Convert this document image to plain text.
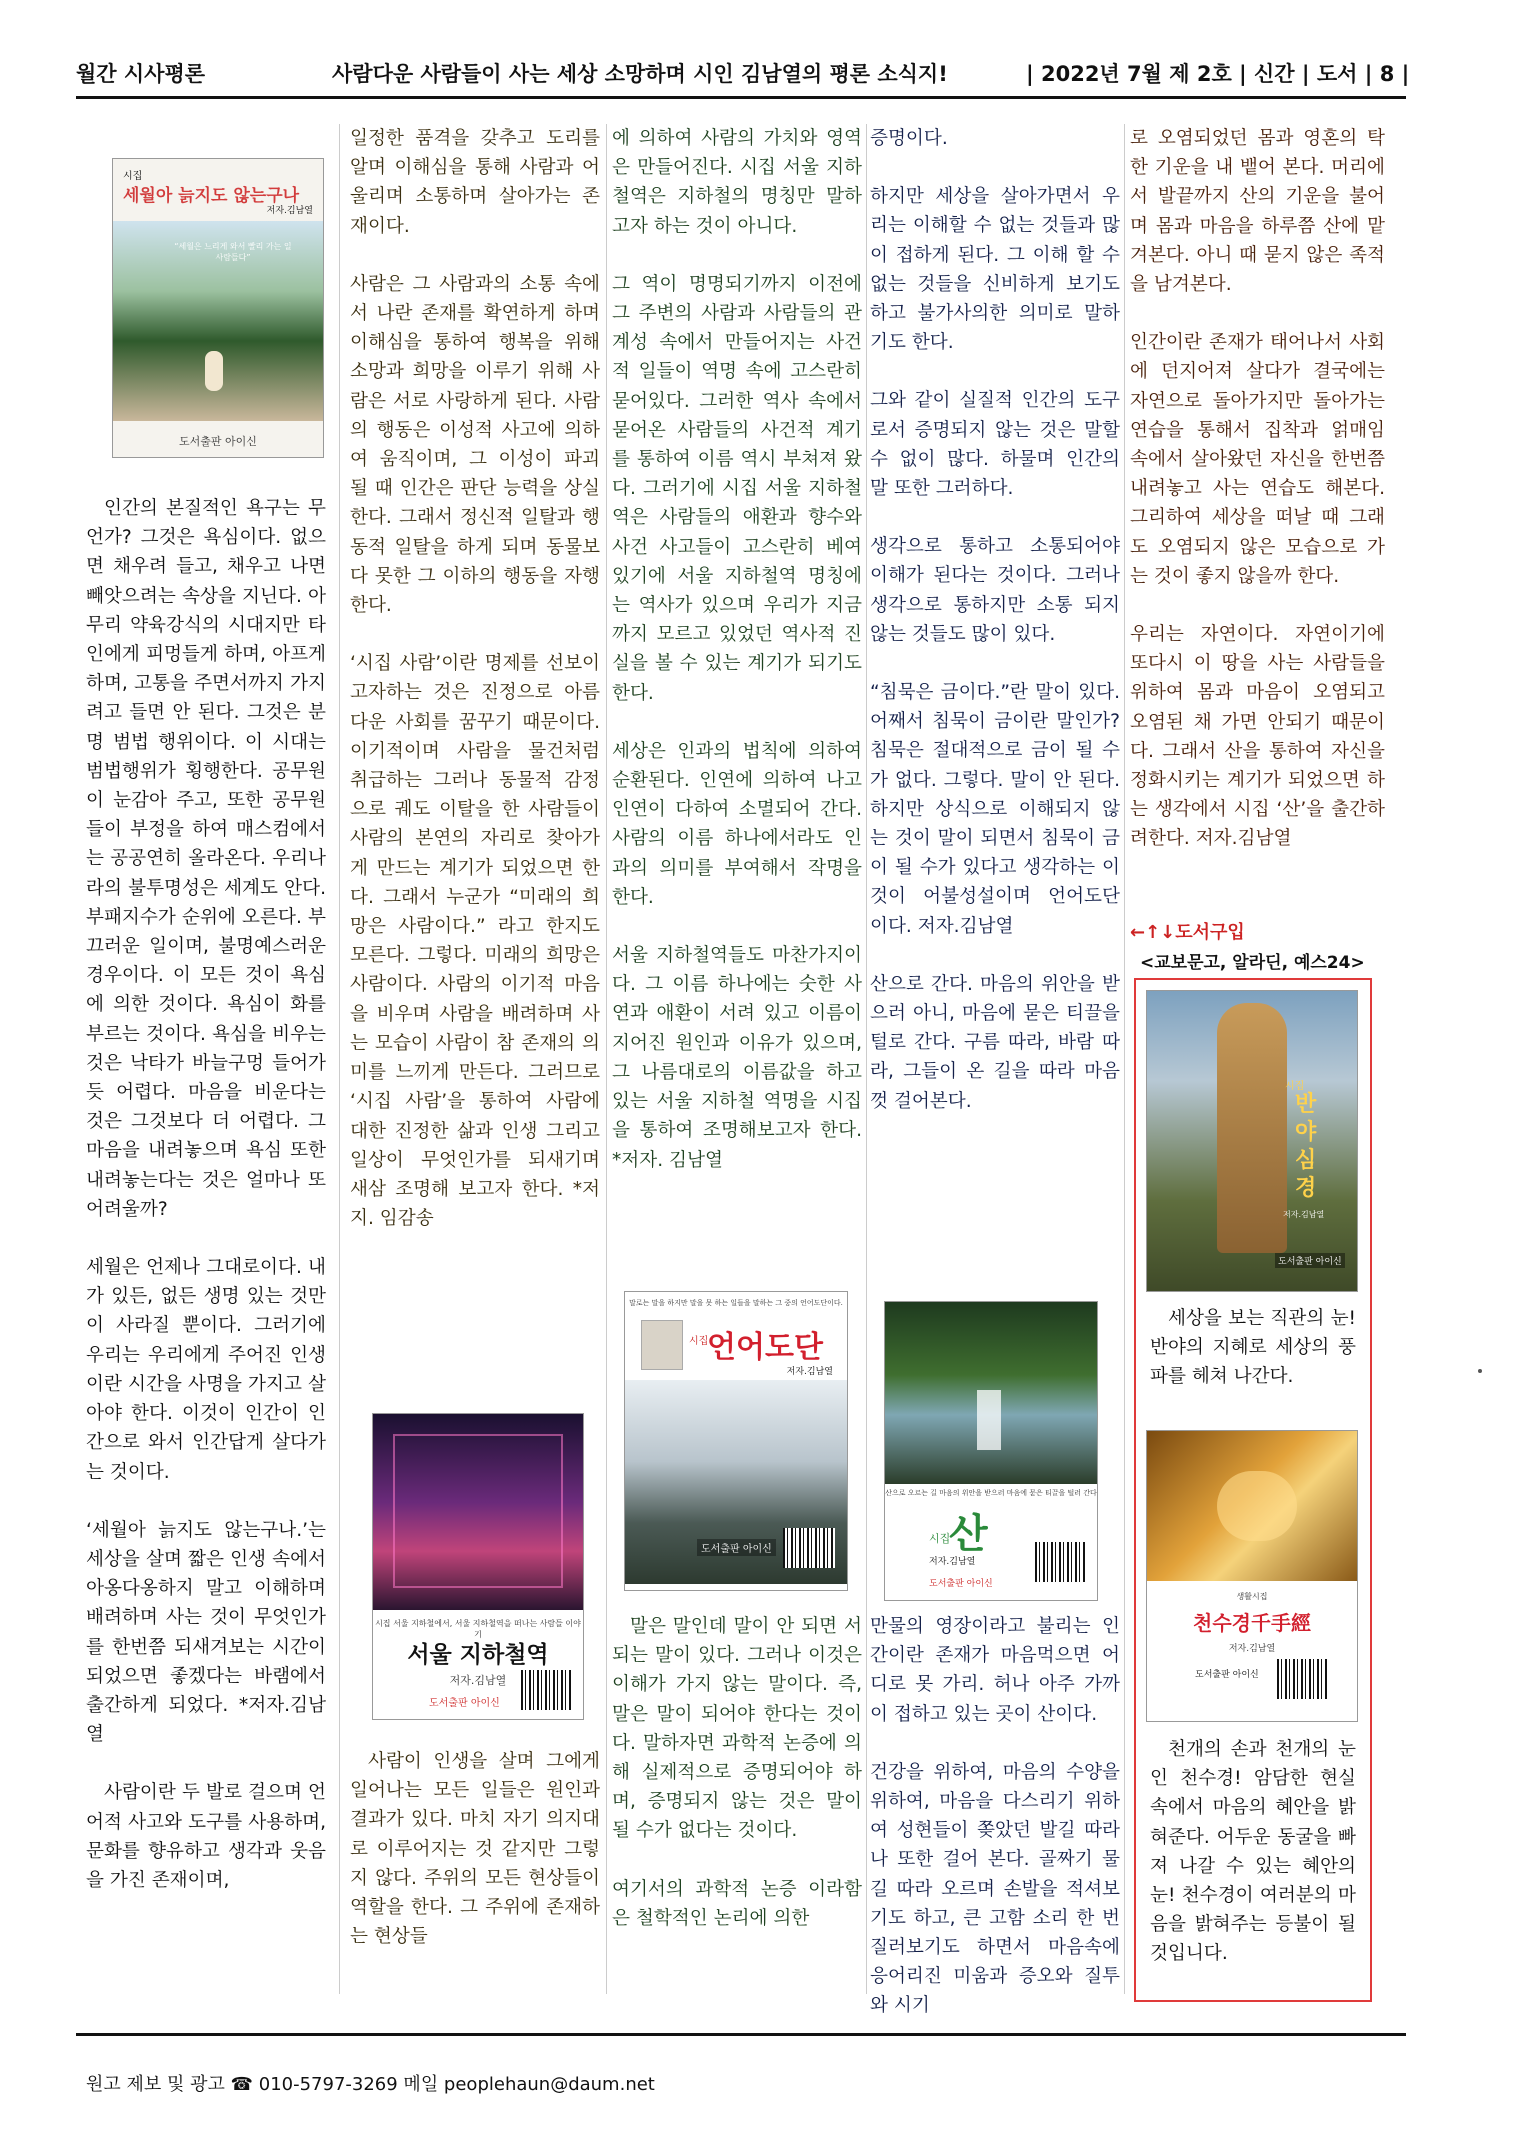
월간 시사평론	사람다운 사람들이 사는 세상 소망하며 시인 김남열의 평론 소식지!	| 2022년 7월 제 2호 | 신간 | 도서 | 8 |
시집
세월아 늙지도 않는구나
저자.김남열
“세월은 느리게 와서 빨리 가는 일 사람들다”
도서출판 아이신

인간의 본질적인 욕구는 무언가? 그것은 욕심이다. 없으면 채우려 들고, 채우고 나면 빼앗으려는 속상을 지닌다. 아무리 약육강식의 시대지만 타인에게 피멍들게 하며, 아프게 하며, 고통을 주면서까지 가지려고 들면 안 된다. 그것은 분명 범법 행위이다. 이 시대는 범법행위가 횡행한다. 공무원이 눈감아 주고, 또한 공무원들이 부정을 하여 매스컴에서는 공공연히 올라온다. 우리나라의 불투명성은 세계도 안다. 부패지수가 순위에 오른다. 부끄러운 일이며, 불명예스러운 경우이다. 이 모든 것이 욕심에 의한 것이다. 욕심이 화를 부르는 것이다. 욕심을 비우는 것은 낙타가 바늘구멍 들어가 듯 어렵다. 마음을 비운다는 것은 그것보다 더 어렵다. 그 마음을 내려놓으며 욕심 또한 내려놓는다는 것은 얼마나 또 어려울까?

세월은 언제나 그대로이다. 내가 있든, 없든 생명 있는 것만이 사라질 뿐이다. 그러기에 우리는 우리에게 주어진 인생이란 시간을 사명을 가지고 살아야 한다. 이것이 인간이 인간으로 와서 인간답게 살다가는 것이다.

‘세월아 늙지도 않는구나.’는 세상을 살며 짧은 인생 속에서 아옹다옹하지 말고 이해하며 배려하며 사는 것이 무엇인가를 한번쯤 되새겨보는 시간이 되었으면 좋겠다는 바램에서 출간하게 되었다. *저자.김남열

사람이란 두 발로 걸으며 언어적 사고와 도구를 사용하며, 문화를 향유하고 생각과 웃음을 가진 존재이며,

일정한 품격을 갖추고 도리를 알며 이해심을 통해 사람과 어울리며 소통하며 살아가는 존재이다.

사람은 그 사람과의 소통 속에서 나란 존재를 확연하게 하며 이해심을 통하여 행복을 위해 소망과 희망을 이루기 위해 사람은 서로 사랑하게 된다. 사람의 행동은 이성적 사고에 의하여 움직이며, 그 이성이 파괴 될 때 인간은 판단 능력을 상실한다. 그래서 정신적 일탈과 행동적 일탈을 하게 되며 동물보다 못한 그 이하의 행동을 자행한다.

‘시집 사람’이란 명제를 선보이고자하는 것은 진정으로 아름다운 사회를 꿈꾸기 때문이다. 이기적이며 사람을 물건처럼 취급하는 그러나 동물적 감정으로 궤도 이탈을 한 사람들이사람의 본연의 자리로 찾아가게 만드는 계기가 되었으면 한다. 그래서 누군가 “미래의 희망은 사람이다.” 라고 한지도 모른다. 그렇다. 미래의 희망은 사람이다. 사람의 이기적 마음을 비우며 사람을 배려하며 사는 모습이 사람이 참 존재의 의미를 느끼게 만든다. 그러므로 ‘시집 사람’을 통하여 사람에 대한 진정한 삶과 인생 그리고 일상이 무엇인가를 되새기며 새삼 조명해 보고자 한다. *저지. 임감송

시집 서울 지하철에서, 서울 지하철역을 떠나는 사람들 이야기
서울 지하철역
저자.김남열
도서출판 아이신

사람이 인생을 살며 그에게 일어나는 모든 일들은 원인과 결과가 있다. 마치 자기 의지대로 이루어지는 것 같지만 그렇지 않다. 주위의 모든 현상들이 역할을 한다. 그 주위에 존재하는 현상들

에 의하여 사람의 가치와 영역은 만들어진다. 시집 서울 지하철역은 지하철의 명칭만 말하고자 하는 것이 아니다.

그 역이 명명되기까지 이전에 그 주변의 사람과 사람들의 관계성 속에서 만들어지는 사건적 일들이 역명 속에 고스란히 묻어있다. 그러한 역사 속에서 묻어온 사람들의 사건적 계기를 통하여 이름 역시 부쳐져 왔다. 그러기에 시집 서울 지하철역은 사람들의 애환과 향수와 사건 사고들이 고스란히 베여있기에 서울 지하철역 명칭에는 역사가 있으며 우리가 지금까지 모르고 있었던 역사적 진실을 볼 수 있는 계기가 되기도 한다.

세상은 인과의 법칙에 의하여 순환된다. 인연에 의하여 나고 인연이 다하여 소멸되어 간다. 사람의 이름 하나에서라도 인과의 의미를 부여해서 작명을 한다.

서울 지하철역들도 마찬가지이다. 그 이름 하나에는 숫한 사연과 애환이 서려 있고 이름이 지어진 원인과 이유가 있으며, 그 나름대로의 이름값을 하고 있는 서울 지하철 역명을 시집을 통하여 조명해보고자 한다. *저자. 김남열

말로는 말을 하지만 말을 못 하는 일들을 말하는 그 중의 언어도단이다.
시집
언어도단
저자.김남열
도서출판 아이신

말은 말인데 말이 안 되면 서 되는 말이 있다. 그러나 이것은 이해가 가지 않는 말이다. 즉, 말은 말이 되어야 한다는 것이다. 말하자면 과학적 논증에 의해 실제적으로 증명되어야 하며, 증명되지 않는 것은 말이 될 수가 없다는 것이다.

여기서의 과학적 논증 이라함은 철학적인 논리에 의한

증명이다.

하지만 세상을 살아가면서 우리는 이해할 수 없는 것들과 많이 접하게 된다. 그 이해 할 수 없는 것들을 신비하게 보기도 하고 불가사의한 의미로 말하기도 한다.

그와 같이 실질적 인간의 도구로서 증명되지 않는 것은 말할 수 없이 많다. 하물며 인간의 말 또한 그러하다.

생각으로 통하고 소통되어야 이해가 된다는 것이다. 그러나 생각으로 통하지만 소통 되지 않는 것들도 많이 있다.

“침묵은 금이다.”란 말이 있다. 어째서 침묵이 금이란 말인가? 침묵은 절대적으로 금이 될 수가 없다. 그렇다. 말이 안 된다. 하지만 상식으로 이해되지 않는 것이 말이 되면서 침묵이 금이 될 수가 있다고 생각하는 이것이 어불성설이며 언어도단 이다. 저자.김남열

산으로 간다. 마음의 위안을 받으러 아니, 마음에 묻은 티끌을 털로 간다. 구름 따라, 바람 따라, 그들이 온 길을 따라 마음껏 걸어본다.

산으로 오르는 길 마음의 위안을 받으러 마음에 묻은 티끌을 털러 간다
시집
산
저자.김남열
도서출판 아이신

만물의 영장이라고 불리는 인간이란 존재가 마음먹으면 어디로 못 가리. 허나 아주 가까이 접하고 있는 곳이 산이다.

건강을 위하여, 마음의 수양을 위하여, 마음을 다스리기 위하여 성현들이 쫒았던 발길 따라 나 또한 걸어 본다. 골짜기 물길 따라 오르며 손발을 적셔보기도 하고, 큰 고함 소리 한 번 질러보기도 하면서 마음속에 응어리진 미움과 증오와 질투와 시기

로 오염되었던 몸과 영혼의 탁한 기운을 내 뱉어 본다. 머리에서 발끝까지 산의 기운을 불어며 몸과 마음을 하루쯤 산에 맡겨본다. 아니 때 묻지 않은 족적을 남겨본다.

인간이란 존재가 태어나서 사회에 던지어져 살다가 결국에는 자연으로 돌아가지만 돌아가는 연습을 통해서 집착과 얽매임 속에서 살아왔던 자신을 한번쯤 내려놓고 사는 연습도 해본다. 그리하여 세상을 떠날 때 그래도 오염되지 않은 모습으로 가는 것이 좋지 않을까 한다.

우리는 자연이다. 자연이기에 또다시 이 땅을 사는 사람들을 위하여 몸과 마음이 오염되고 오염된 채 가면 안되기 때문이다. 그래서 산을 통하여 자신을 정화시키는 계기가 되었으면 하는 생각에서 시집 ‘산’을 출간하려한다. 저자.김남열

←↑↓도서구입
<교보문고, 알라딘, 예스24>
시집
반야심경
저자.김남열
도서출판 아이신
세상을 보는 직관의 눈! 반야의 지혜로 세상의 풍파를 헤쳐 나간다.
생활시집
천수경千手經
저자.김남열
도서출판 아이신
천개의 손과 천개의 눈인 천수경! 암담한 현실 속에서 마음의 혜안을 밝혀준다. 어두운 동굴을 빠져 나갈 수 있는 혜안의 눈! 천수경이 여러분의 마음을 밝혀주는 등불이 될 것입니다.
원고 제보 및 광고 ☎ 010-5797-3269 메일 peoplehaun@daum.net
